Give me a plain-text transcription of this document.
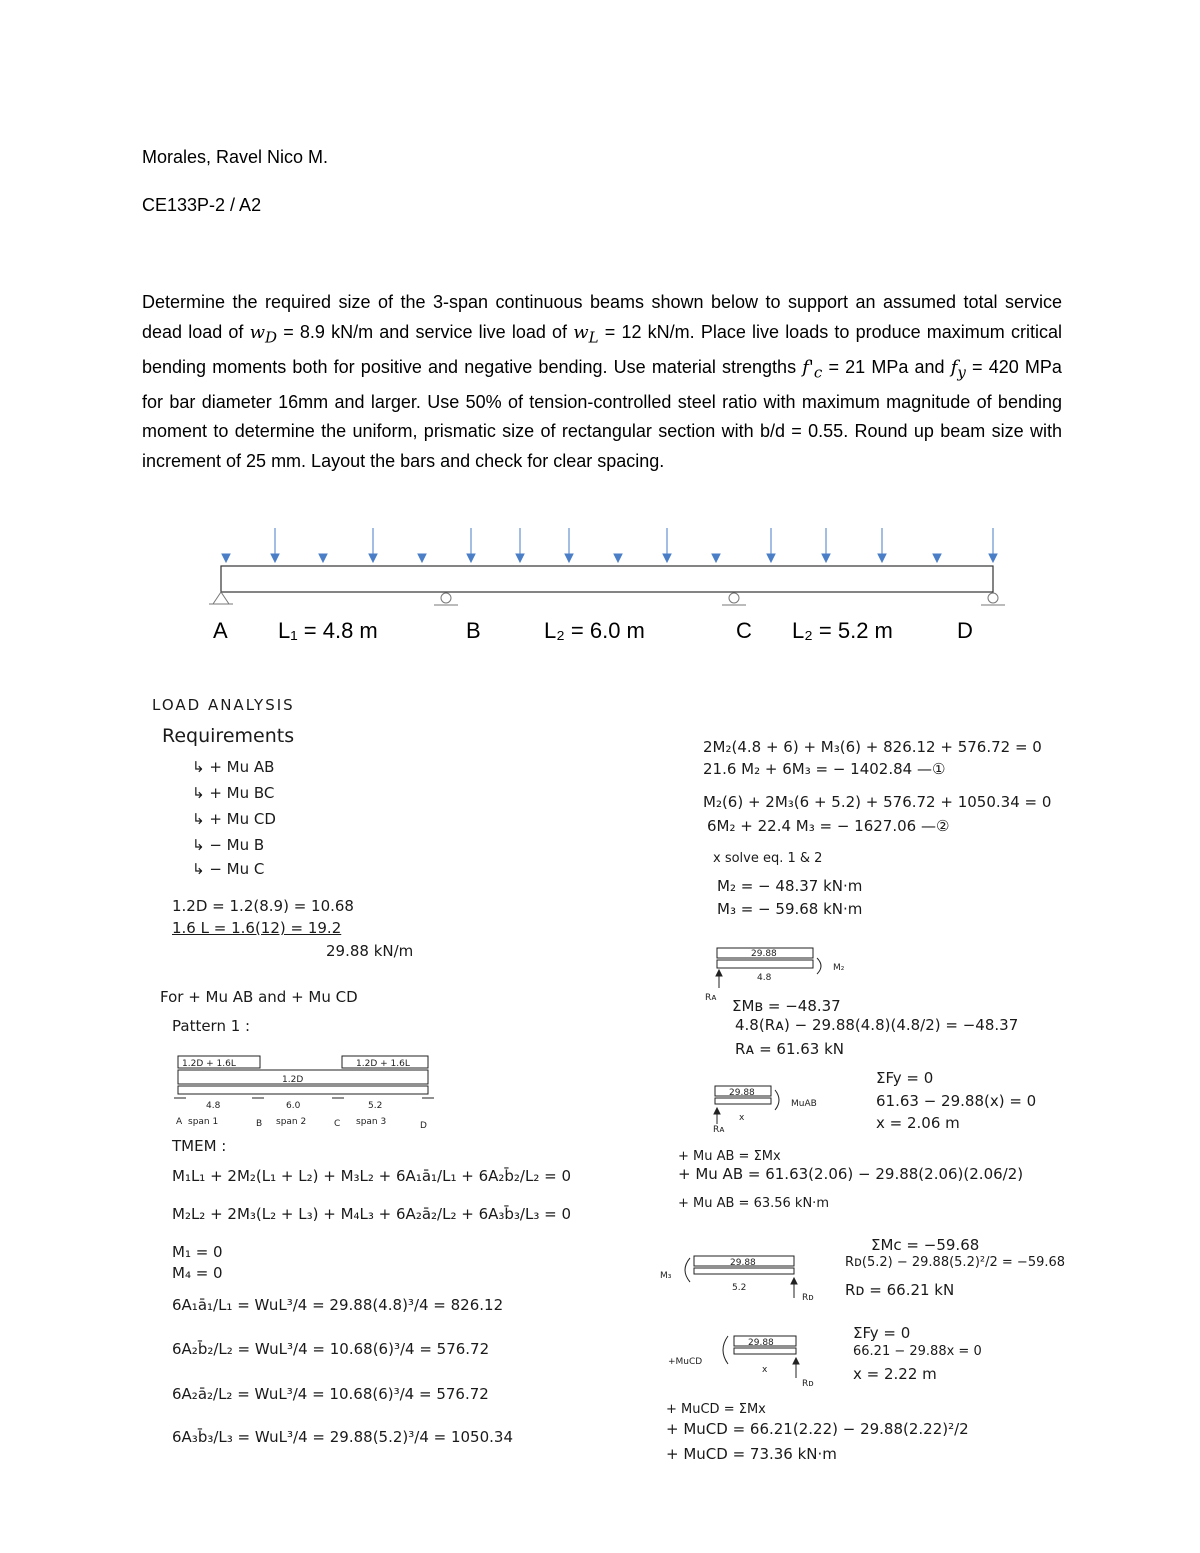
Morales, Ravel Nico M.
CE133P-2 / A2
Determine the required size of the 3-span continuous beams shown below to support an assumed total service dead load of $w_D = 8.9$ kN/m and service live load of $w_L = 12$ kN/m. Place live loads to produce maximum critical bending moments both for positive and negative bending. Use material strengths $f'_c = 21$ MPa and $f_y = 420$ MPa for bar diameter 16mm and larger. Use 50% of tension-controlled steel ratio with maximum magnitude of bending moment to determine the uniform, prismatic size of rectangular section with b/d = 0.55. Round up beam size with increment of 25 mm. Layout the bars and check for clear spacing.
A L₁ = 4.8 m	B	L₂ = 6.0 m	C L₂ = 5.2 m	D
LOAD ANALYSIS
Requirements
↳ + Mu AB
↳ + Mu BC
↳ + Mu CD
↳ − Mu B
↳ − Mu C
1.2D = 1.2(8.9) = 10.68
1.6 L = 1.6(12) = 19.2
29.88 kN/m
For + Mu AB and + Mu CD
Pattern 1 :
1.2D + 1.6L	1.2D + 1.6L
1.2D
4.8	6.0	5.2
A span 1	B span 2	C span 3	D
TMEM :
M₁L₁ + 2M₂(L₁ + L₂) + M₃L₂ + 6A₁ā₁/L₁ + 6A₂b̄₂/L₂ = 0
M₂L₂ + 2M₃(L₂ + L₃) + M₄L₃ + 6A₂ā₂/L₂ + 6A₃b̄₃/L₃ = 0
M₁ = 0
M₄ = 0
6A₁ā₁/L₁ = WuL³/4 = 29.88(4.8)³/4 = 826.12
6A₂b̄₂/L₂ = WuL³/4 = 10.68(6)³/4 = 576.72
6A₂ā₂/L₂ = WuL³/4 = 10.68(6)³/4 = 576.72
6A₃b̄₃/L₃ = WuL³/4 = 29.88(5.2)³/4 = 1050.34
2M₂(4.8 + 6) + M₃(6) + 826.12 + 576.72 = 0
21.6 M₂ + 6M₃ = − 1402.84 —①
M₂(6) + 2M₃(6 + 5.2) + 576.72 + 1050.34 = 0
6M₂ + 22.4 M₃ = − 1627.06 —②
x solve eq. 1 & 2
M₂ = − 48.37 kN·m
M₃ = − 59.68 kN·m
29.88
4.8
M₂
Rᴀ ΣMʙ = −48.37
4.8(Rᴀ) − 29.88(4.8)(4.8/2) = −48.37
Rᴀ = 61.63 kN
29.88
MuAB
x
Rᴀ
ΣFy = 0
61.63 − 29.88(x) = 0
x = 2.06 m
+ Mu AB = ΣMx
+ Mu AB = 61.63(2.06) − 29.88(2.06)(2.06/2)
+ Mu AB = 63.56 kN·m
M₃
29.88
5.2
Rᴅ
ΣMc = −59.68
Rᴅ(5.2) − 29.88(5.2)²/2 = −59.68
Rᴅ = 66.21 kN
+MuCD
29.88
x
Rᴅ
ΣFy = 0
66.21 − 29.88x = 0
x = 2.22 m
+ MuCD = ΣMx
+ MuCD = 66.21(2.22) − 29.88(2.22)²/2
+ MuCD = 73.36 kN·m
